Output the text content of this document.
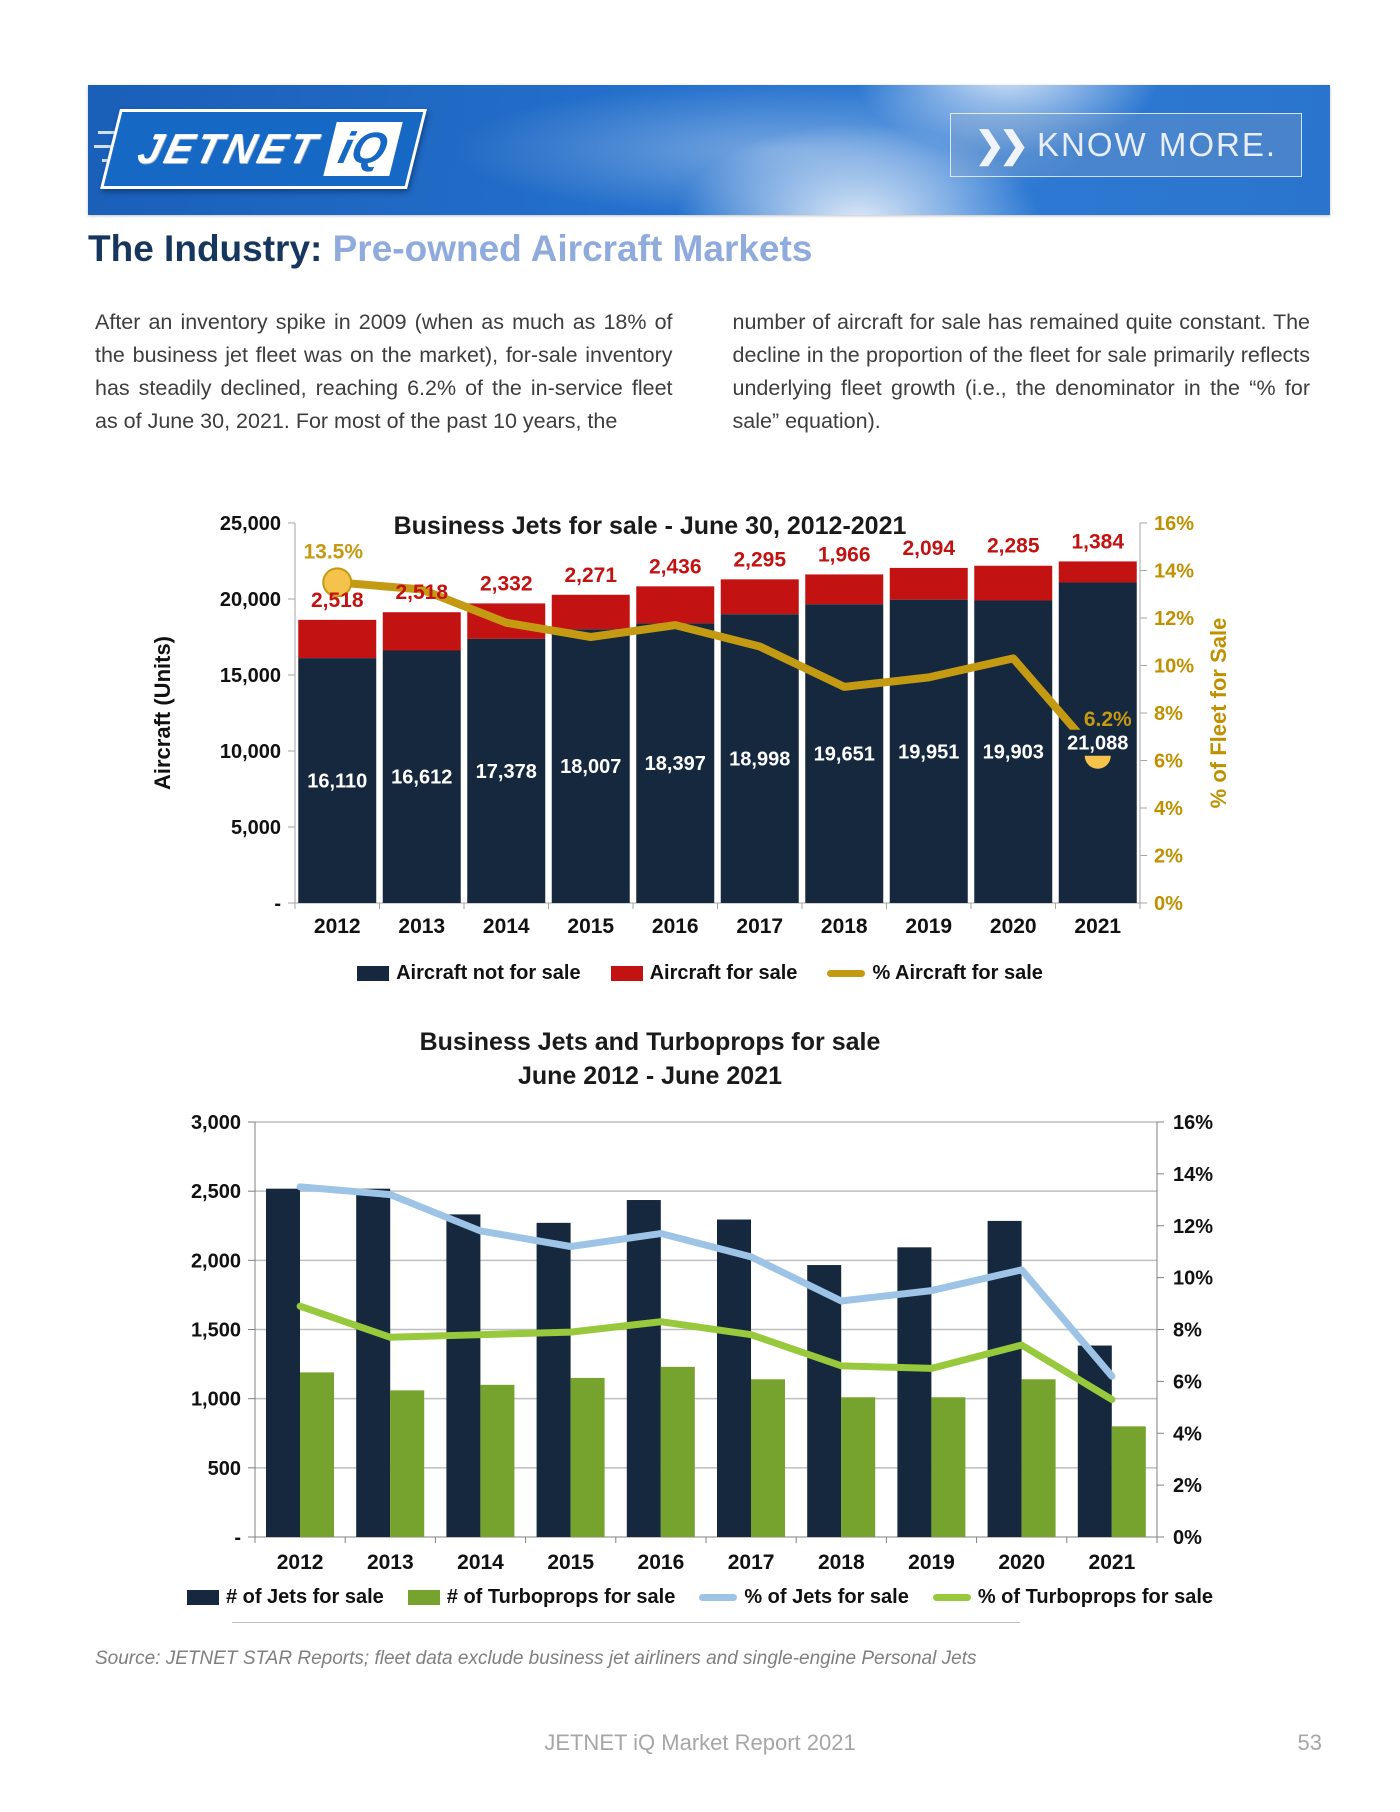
JETNET iQ	❯❯ KNOW MORE.
The Industry: Pre-owned Aircraft Markets
After an inventory spike in 2009 (when as much as 18% of the business jet fleet was on the market), for-sale inventory has steadily declined, reaching 6.2% of the in-service fleet as of June 30, 2021. For most of the past 10 years, the
number of aircraft for sale has remained quite constant. The decline in the proportion of the fleet for sale primarily reflects underlying fleet growth (i.e., the denominator in the “% for sale” equation).
Business Jets for sale - June 30, 2012-2021
25,000
20,000
15,000
10,000
5,000
-
16%
14%
12%
10%
8%
6%
4%
2%
0%
2,518
16,110
2,518
16,612
2,332
17,378
2,271
18,007
2,436
18,397
2,295
18,998
1,966
19,651
2,094
19,951
2,285
19,903
1,384
21,088
13.5%
6.2%
2012 2013 2014 2015 2016 2017 2018 2019 2020 2021
Aircraft (Units)	% of Fleet for Sale
Aircraft not for sale	Aircraft for sale	% Aircraft for sale
Business Jets and Turboprops for sale
June 2012 - June 2021
3,000
2,500
2,000
1,500
1,000
500
-
16%
14%
12%
10%
8%
6%
4%
2%
0%
2012 2013 2014 2015 2016 2017 2018 2019 2020 2021
# of Jets for sale	# of Turboprops for sale	% of Jets for sale	% of Turboprops for sale
Source: JETNET STAR Reports; fleet data exclude business jet airliners and single-engine Personal Jets
JETNET iQ Market Report 2021	53
